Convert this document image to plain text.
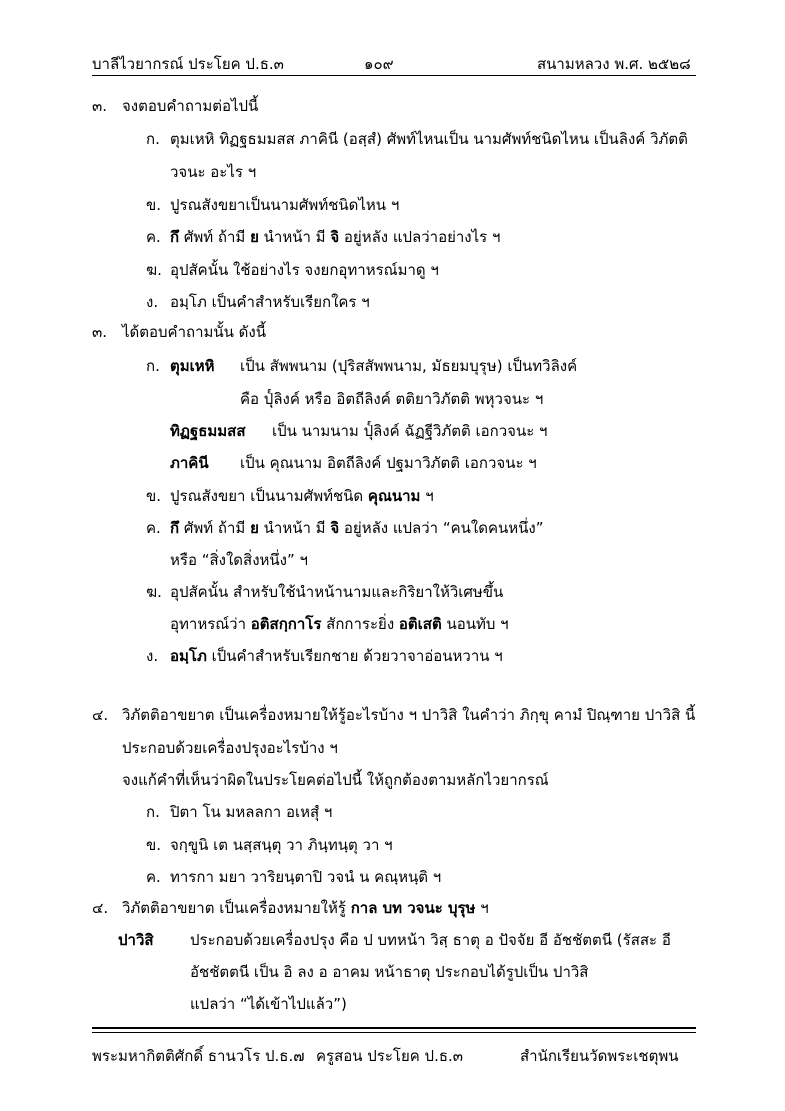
บาลีไวยากรณ์ ประโยค ป.ธ.๓	๑๐๙	สนามหลวง พ.ศ. ๒๕๒๘
๓. จงตอบคำถามต่อไปนี้
ก. ตุมเหหิ ทิฏฐธมมสส ภาคินี (อสฺสํ) ศัพท์ไหนเป็น นามศัพท์ชนิดไหน เป็นลิงค์ วิภัตติ
วจนะ อะไร ฯ
ข. ปูรณสังขยาเป็นนามศัพท์ชนิดไหน ฯ
ค. กึ ศัพท์ ถ้ามี ย นำหน้า มี จิ อยู่หลัง แปลว่าอย่างไร ฯ
ฆ. อุปสัคนั้น ใช้อย่างไร จงยกอุทาหรณ์มาดู ฯ
ง. อมฺโภ เป็นคำสำหรับเรียกใคร ฯ
๓. ได้ตอบคำถามนั้น ดังนี้
ก. ตุมเหหิ เป็น สัพพนาม (ปุริสสัพพนาม, มัธยมบุรุษ) เป็นทวิลิงค์
คือ ปุ๎ลิงค์ หรือ อิตถีลิงค์ ตติยาวิภัตติ พหุวจนะ ฯ
ทิฏฐธมมสส เป็น นามนาม ปุ๎ลิงค์ ฉัฏฐีวิภัตติ เอกวจนะ ฯ
ภาคินี เป็น คุณนาม อิตถีลิงค์ ปฐมาวิภัตติ เอกวจนะ ฯ
ข. ปูรณสังขยา เป็นนามศัพท์ชนิด คุณนาม ฯ
ค. กึ ศัพท์ ถ้ามี ย นำหน้า มี จิ อยู่หลัง แปลว่า “คนใดคนหนึ่ง”
หรือ “สิ่งใดสิ่งหนึ่ง” ฯ
ฆ. อุปสัคนั้น สำหรับใช้นำหน้านามและกิริยาให้วิเศษขึ้น
อุทาหรณ์ว่า อติสกฺกาโร สักการะยิ่ง อติเสติ นอนทับ ฯ
ง. อมฺโภ เป็นคำสำหรับเรียกชาย ด้วยวาจาอ่อนหวาน ฯ
๔. วิภัตติอาขยาต เป็นเครื่องหมายให้รู้อะไรบ้าง ฯ ปาวิสิ ในคำว่า ภิกฺขุ คามํ ปิณฺฑาย ปาวิสิ นี้
ประกอบด้วยเครื่องปรุงอะไรบ้าง ฯ
จงแก้คำที่เห็นว่าผิดในประโยคต่อไปนี้ ให้ถูกต้องตามหลักไวยากรณ์
ก. ปิตา โน มหลลกา อเหสุํ ฯ
ข. จกฺขูนิ เต นสฺสนฺตุ วา ภินฺทนฺตุ วา ฯ
ค. ทารกา มยา วาริยนฺตาปิ วจนํ น คณฺหนฺติ ฯ
๔. วิภัตติอาขยาต เป็นเครื่องหมายให้รู้ กาล บท วจนะ บุรุษ ฯ
ปาวิสิ ประกอบด้วยเครื่องปรุง คือ ป บทหน้า วิสฺ ธาตุ อ ปัจจัย อี อัชชัตตนี (รัสสะ อี
อัชชัตตนี เป็น อิ ลง อ อาคม หน้าธาตุ ประกอบได้รูปเป็น ปาวิสิ
แปลว่า “ได้เข้าไปแล้ว”)
พระมหากิตติศักดิ์ ธานวโร ป.ธ.๗ ครูสอน ประโยค ป.ธ.๓	สำนักเรียนวัดพระเชตุพน
